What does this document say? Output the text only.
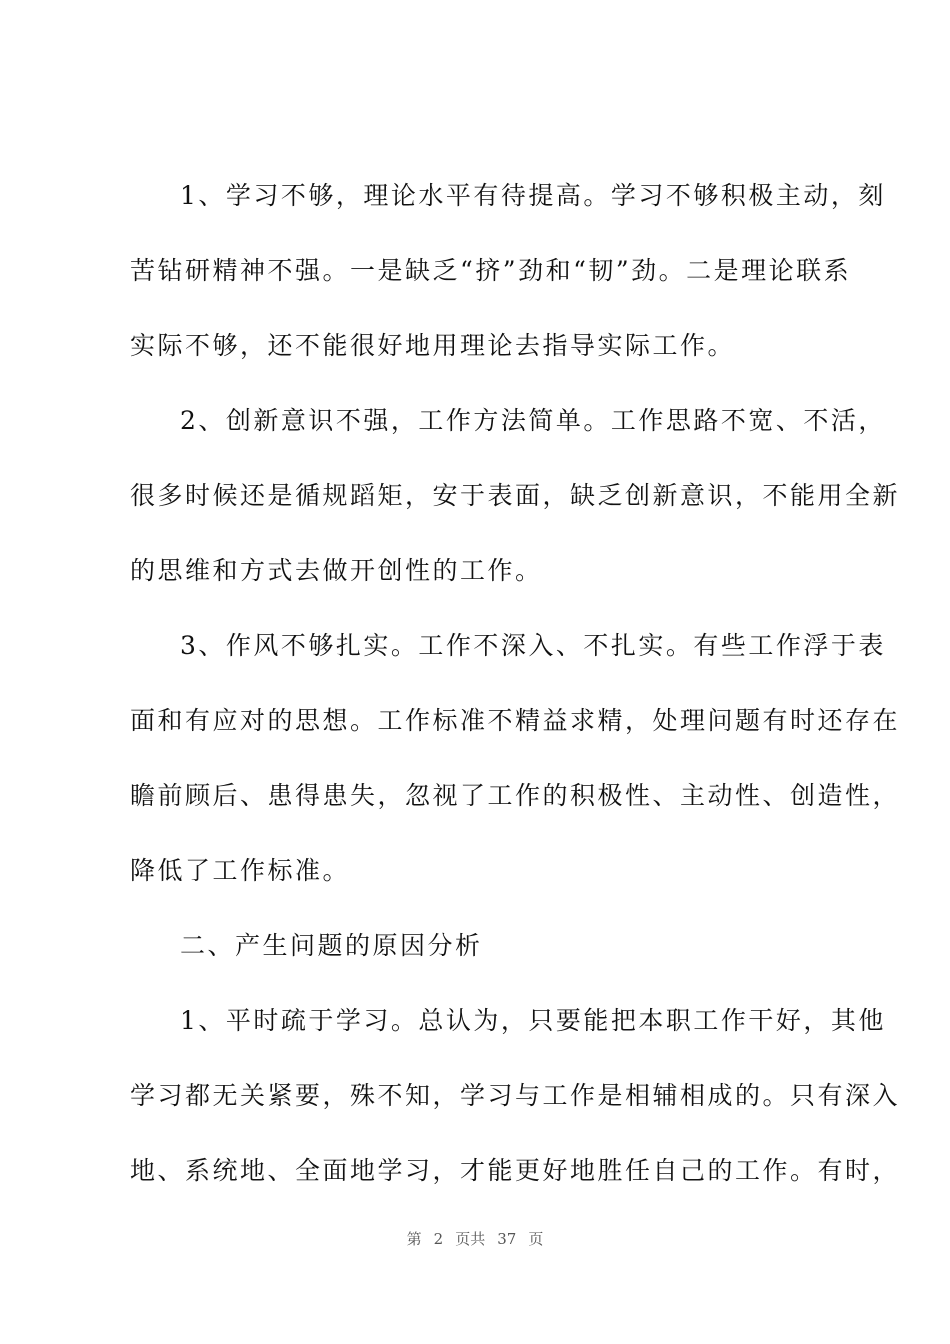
1、学习不够，理论水平有待提高。学习不够积极主动，刻
苦钻研精神不强。一是缺乏“挤”劲和“韧”劲。二是理论联系
实际不够，还不能很好地用理论去指导实际工作。
2、创新意识不强，工作方法简单。工作思路不宽、不活，
很多时候还是循规蹈矩，安于表面，缺乏创新意识，不能用全新
的思维和方式去做开创性的工作。
3、作风不够扎实。工作不深入、不扎实。有些工作浮于表
面和有应对的思想。工作标准不精益求精，处理问题有时还存在
瞻前顾后、患得患失，忽视了工作的积极性、主动性、创造性，
降低了工作标准。
二、产生问题的原因分析
1、平时疏于学习。总认为，只要能把本职工作干好，其他
学习都无关紧要，殊不知，学习与工作是相辅相成的。只有深入
地、系统地、全面地学习，才能更好地胜任自己的工作。有时，
第 2 页共 37 页
